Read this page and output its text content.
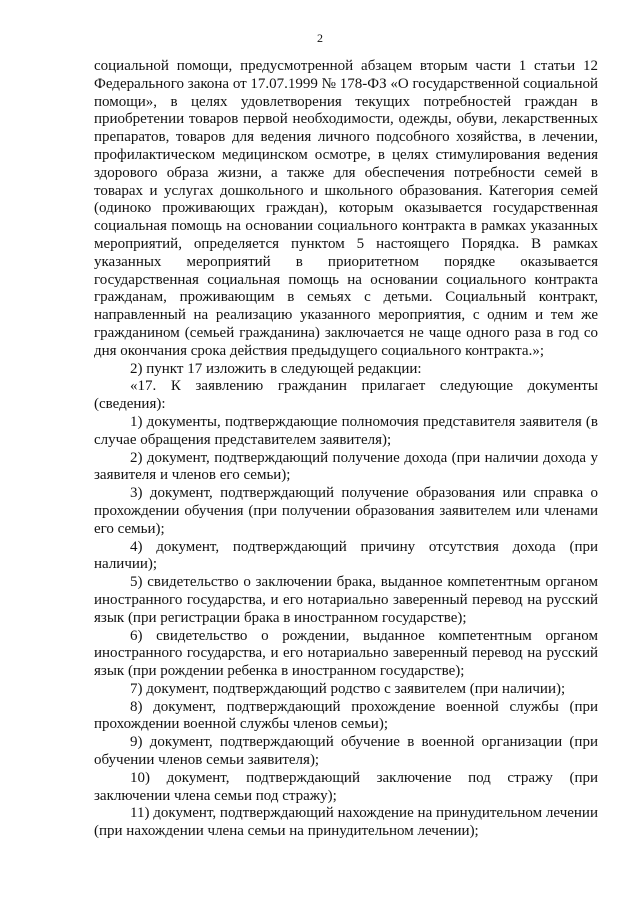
2

социальной помощи, предусмотренной абзацем вторым части 1 статьи 12 Федерального закона от 17.07.1999 № 178-ФЗ «О государственной социальной помощи», в целях удовлетворения текущих потребностей граждан в приобретении товаров первой необходимости, одежды, обуви, лекарственных препаратов, товаров для ведения личного подсобного хозяйства, в лечении, профилактическом медицинском осмотре, в целях стимулирования ведения здорового образа жизни, а также для обеспечения потребности семей в товарах и услугах дошкольного и школьного образования. Категория семей (одиноко проживающих граждан), которым оказывается государственная социальная помощь на основании социального контракта в рамках указанных мероприятий, определяется пунктом 5 настоящего Порядка. В рамках указанных мероприятий в приоритетном порядке оказывается государственная социальная помощь на основании социального контракта гражданам, проживающим в семьях с детьми. Социальный контракт, направленный на реализацию указанного мероприятия, с одним и тем же гражданином (семьей гражданина) заключается не чаще одного раза в год со дня окончания срока действия предыдущего социального контракта.»;

2) пункт 17 изложить в следующей редакции:

«17. К заявлению гражданин прилагает следующие документы (сведения):

1) документы, подтверждающие полномочия представителя заявителя (в случае обращения представителем заявителя);

2) документ, подтверждающий получение дохода (при наличии дохода у заявителя и членов его семьи);

3) документ, подтверждающий получение образования или справка о прохождении обучения (при получении образования заявителем или членами его семьи);

4) документ, подтверждающий причину отсутствия дохода (при наличии);

5) свидетельство о заключении брака, выданное компетентным органом иностранного государства, и его нотариально заверенный перевод на русский язык (при регистрации брака в иностранном государстве);

6) свидетельство о рождении, выданное компетентным органом иностранного государства, и его нотариально заверенный перевод на русский язык (при рождении ребенка в иностранном государстве);

7) документ, подтверждающий родство с заявителем (при наличии);

8) документ, подтверждающий прохождение военной службы (при прохождении военной службы членов семьи);

9) документ, подтверждающий обучение в военной организации (при обучении членов семьи заявителя);

10) документ, подтверждающий заключение под стражу (при заключении члена семьи под стражу);

11) документ, подтверждающий нахождение на принудительном лечении (при нахождении члена семьи на принудительном лечении);
